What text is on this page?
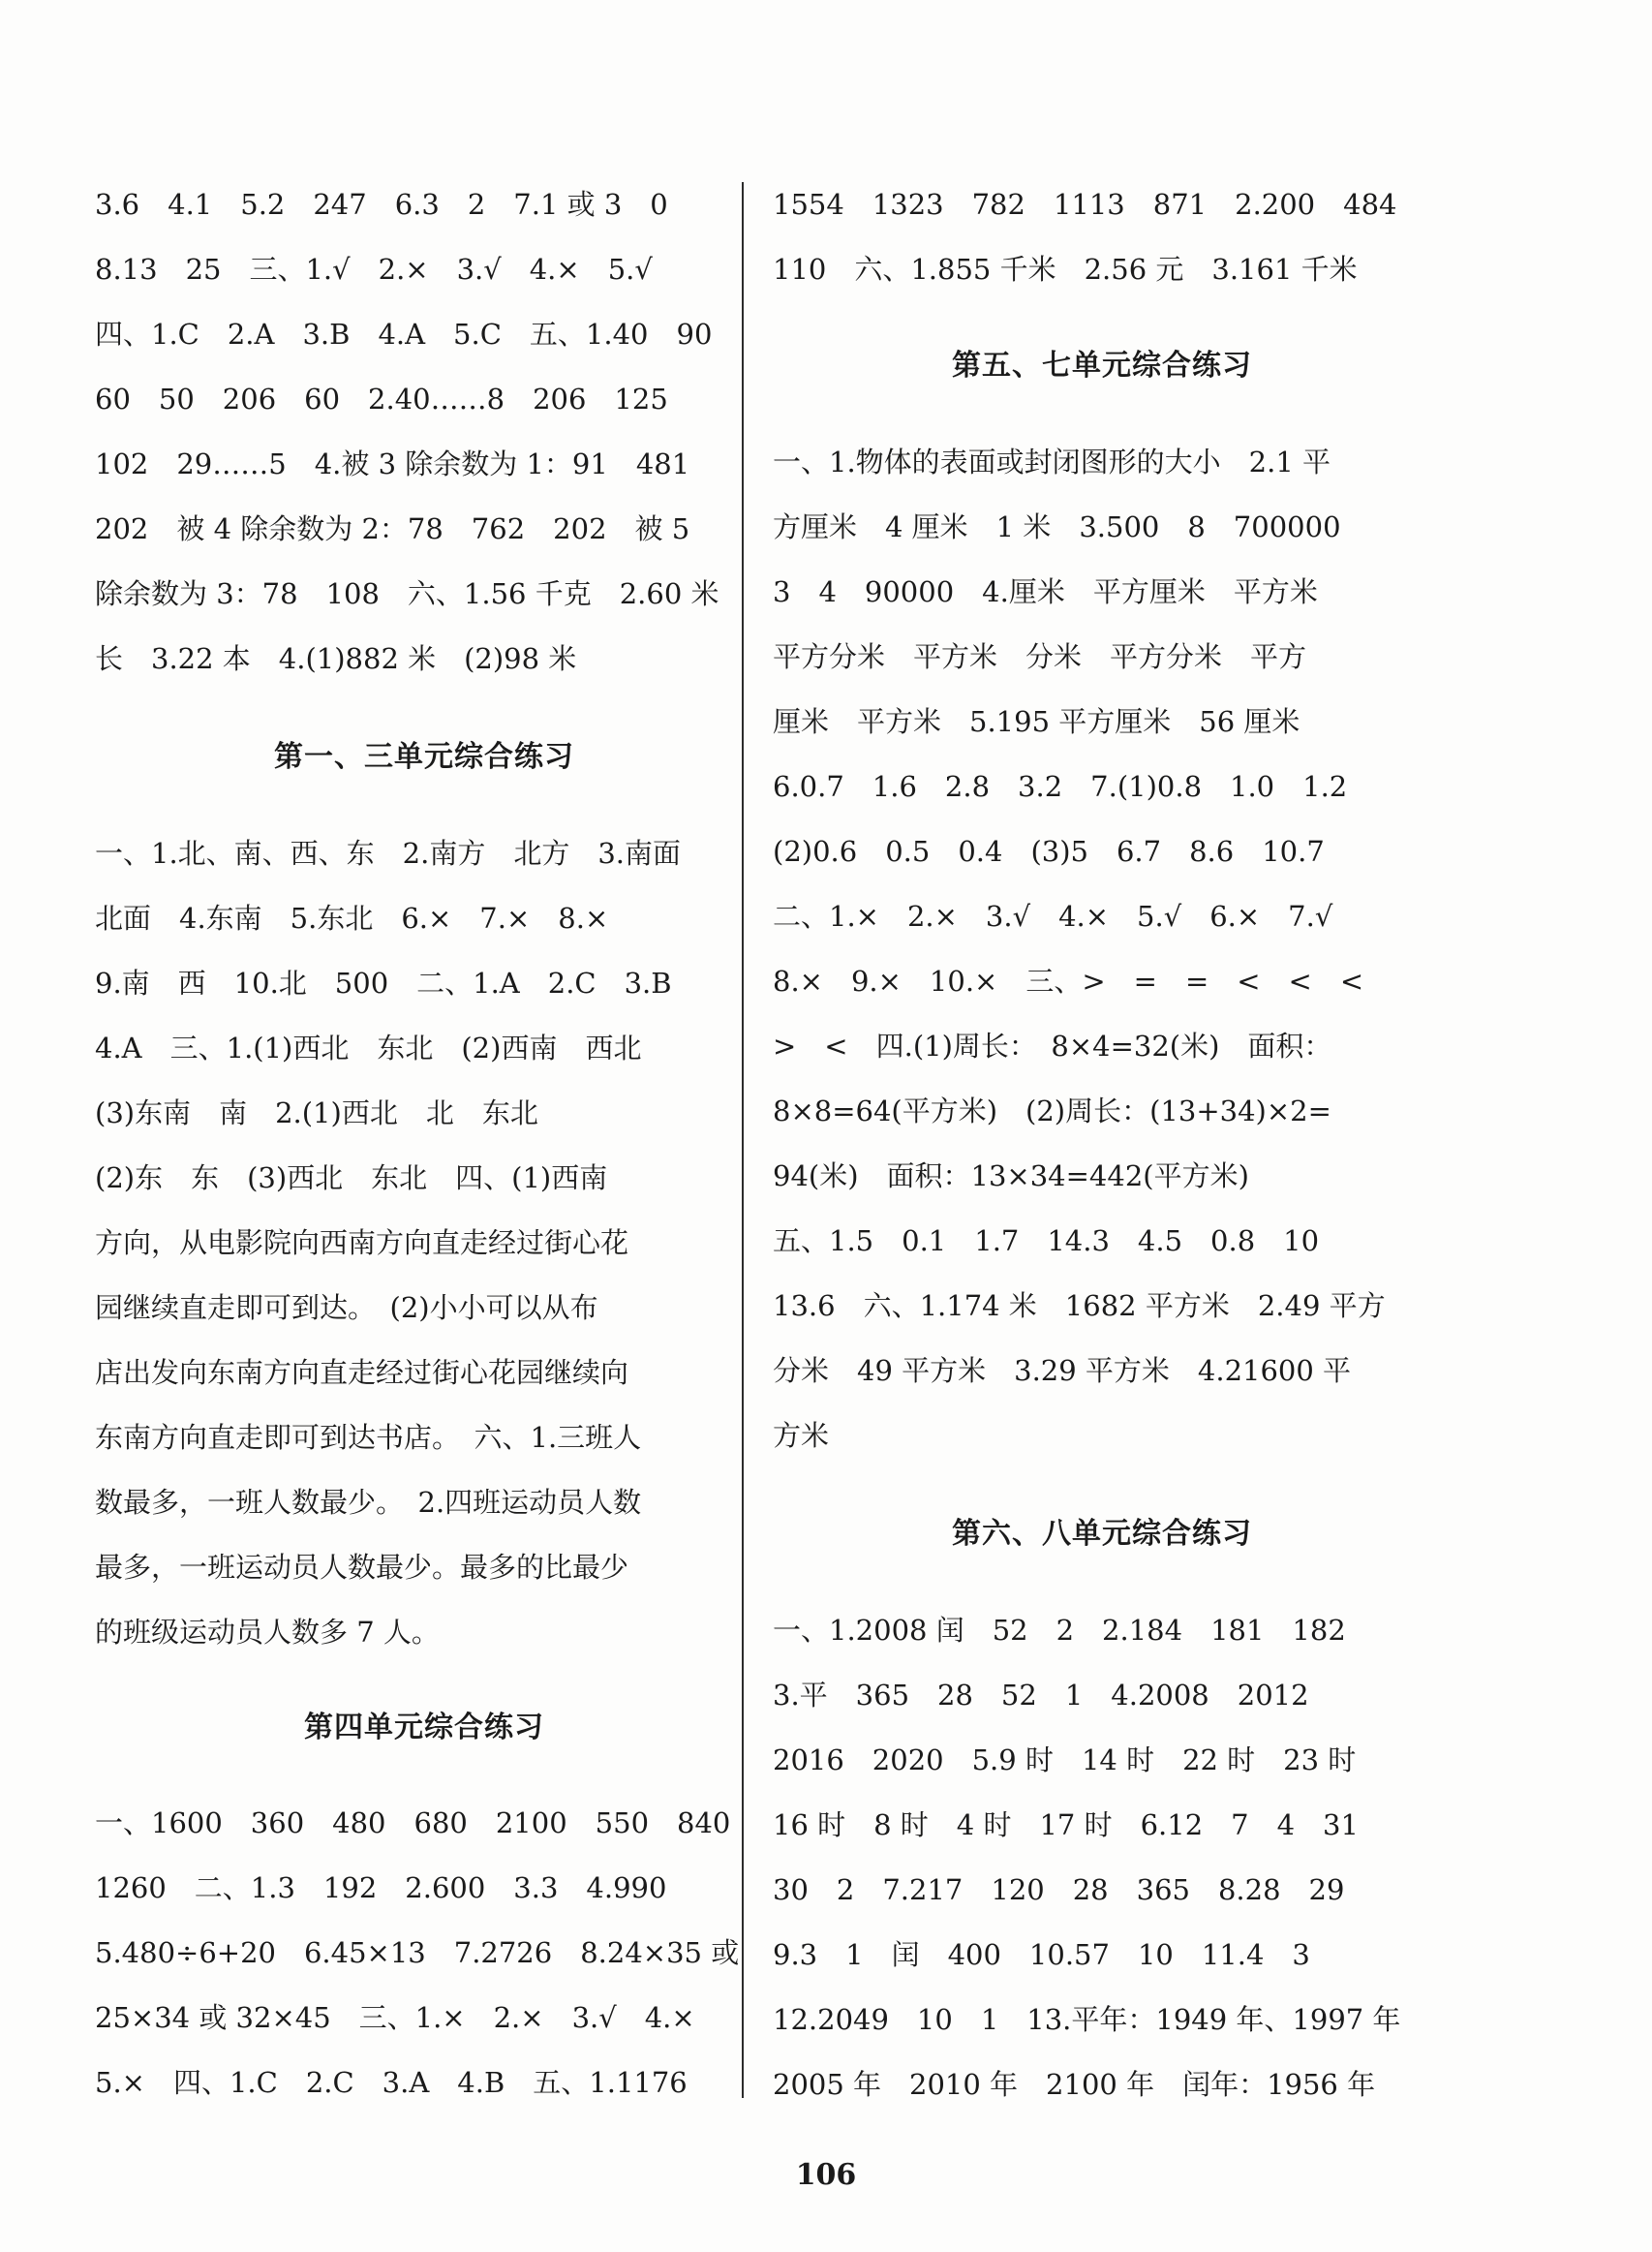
3.6　4.1　5.2　247　6.3　2　7.1 或 3　0
8.13　25　三、1.√　2.×　3.√　4.×　5.√
四、1.C　2.A　3.B　4.A　5.C　五、1.40　90
60　50　206　60　2.40……8　206　125
102　29……5　4.被 3 除余数为 1：91　481
202　被 4 除余数为 2：78　762　202　被 5
除余数为 3：78　108　六、1.56 千克　2.60 米
长　3.22 本　4.(1)882 米　(2)98 米
第一、三单元综合练习
一、1.北、南、西、东　2.南方　北方　3.南面
北面　4.东南　5.东北　6.×　7.×　8.×
9.南　西　10.北　500　二、1.A　2.C　3.B
4.A　三、1.(1)西北　东北　(2)西南　西北
(3)东南　南　2.(1)西北　北　东北
(2)东　东　(3)西北　东北　四、(1)西南
方向，从电影院向西南方向直走经过街心花
园继续直走即可到达。　(2)小小可以从布
店出发向东南方向直走经过街心花园继续向
东南方向直走即可到达书店。　六、1.三班人
数最多，一班人数最少。　2.四班运动员人数
最多，一班运动员人数最少。最多的比最少
的班级运动员人数多 7 人。
第四单元综合练习
一、1600　360　480　680　2100　550　840
1260　二、1.3　192　2.600　3.3　4.990
5.480÷6+20　6.45×13　7.2726　8.24×35 或
25×34 或 32×45　三、1.×　2.×　3.√　4.×
5.×　四、1.C　2.C　3.A　4.B　五、1.1176
1554　1323　782　1113　871　2.200　484
110　六、1.855 千米　2.56 元　3.161 千米
第五、七单元综合练习
一、1.物体的表面或封闭图形的大小　2.1 平
方厘米　4 厘米　1 米　3.500　8　700000
3　4　90000　4.厘米　平方厘米　平方米
平方分米　平方米　分米　平方分米　平方
厘米　平方米　5.195 平方厘米　56 厘米
6.0.7　1.6　2.8　3.2　7.(1)0.8　1.0　1.2
(2)0.6　0.5　0.4　(3)5　6.7　8.6　10.7
二、1.×　2.×　3.√　4.×　5.√　6.×　7.√
8.×　9.×　10.×　三、>　=　=　<　<　<
>　<　四.(1)周长：　8×4=32(米)　面积：
8×8=64(平方米)　(2)周长：(13+34)×2=
94(米)　面积：13×34=442(平方米)
五、1.5　0.1　1.7　14.3　4.5　0.8　10
13.6　六、1.174 米　1682 平方米　2.49 平方
分米　49 平方米　3.29 平方米　4.21600 平
方米
第六、八单元综合练习
一、1.2008 闰　52　2　2.184　181　182
3.平　365　28　52　1　4.2008　2012
2016　2020　5.9 时　14 时　22 时　23 时
16 时　8 时　4 时　17 时　6.12　7　4　31
30　2　7.217　120　28　365　8.28　29
9.3　1　闰　400　10.57　10　11.4　3
12.2049　10　1　13.平年：1949 年、1997 年
2005 年　2010 年　2100 年　闰年：1956 年
106
